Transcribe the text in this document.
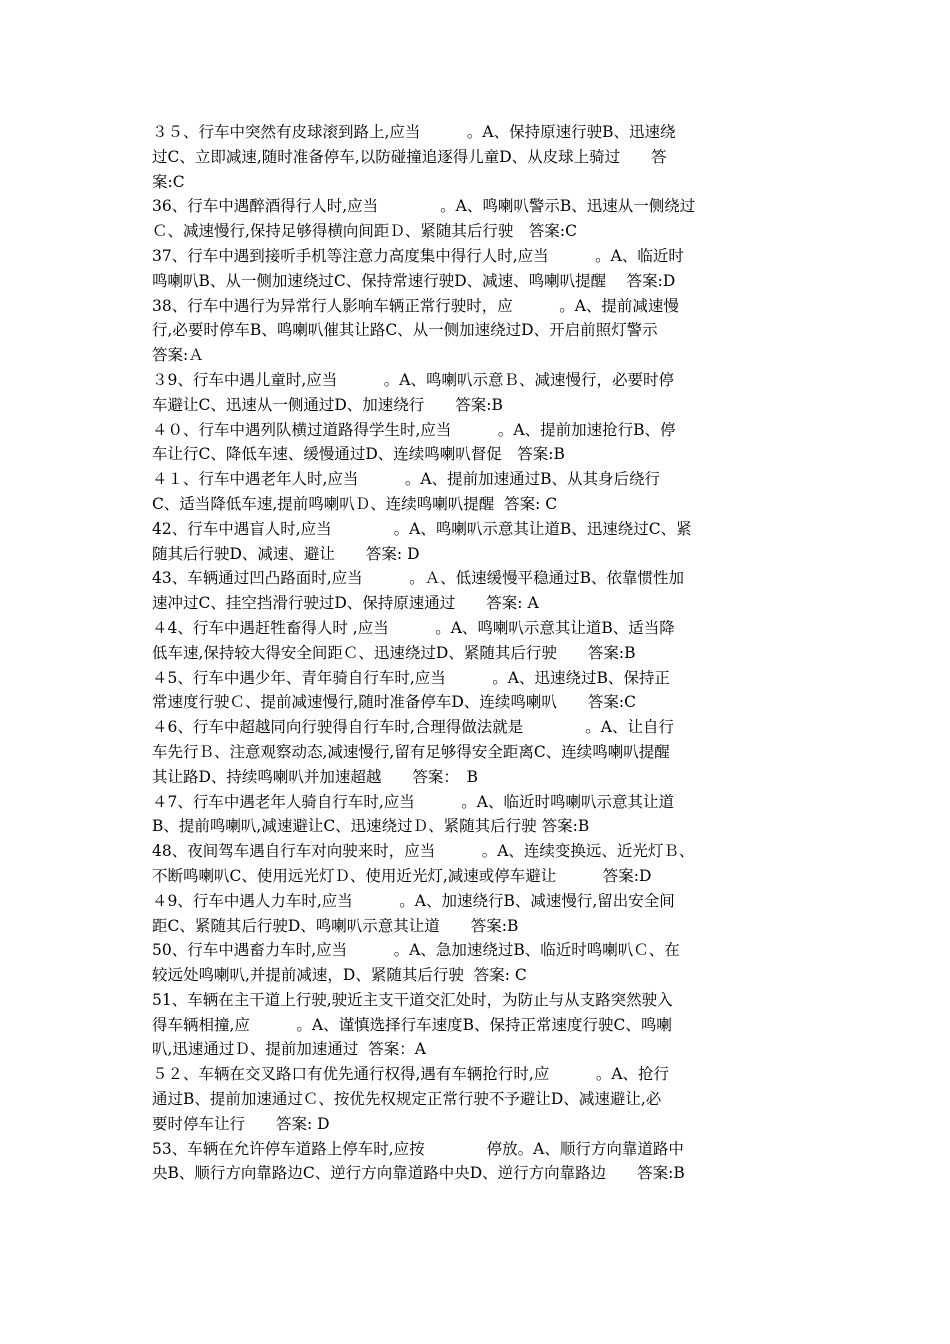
３５、行车中突然有皮球滚到路上,应当　　　。A、保持原速行驶B、迅速绕
过C、立即减速,随时准备停车,以防碰撞追逐得儿童D、从皮球上骑过　　答
案:C
36、行车中遇醉酒得行人时,应当　　　　。A、鸣喇叭警示B、迅速从一侧绕过
Ｃ、减速慢行,保持足够得横向间距Ｄ、紧随其后行驶　答案:C
37、行车中遇到接听手机等注意力高度集中得行人时,应当　　　。A、临近时
鸣喇叭B、从一侧加速绕过C、保持常速行驶D、减速、鸣喇叭提醒　 答案:D
38、行车中遇行为异常行人影响车辆正常行驶时，应　　　。A、提前减速慢
行,必要时停车B、鸣喇叭催其让路C、从一侧加速绕过D、开启前照灯警示
答案:Ａ
３9、行车中遇儿童时,应当　　　。A、鸣喇叭示意Ｂ、减速慢行，必要时停
车避让C、迅速从一侧通过D、加速绕行　　答案:B
４０、行车中遇列队横过道路得学生时,应当　　　。A、提前加速抢行B、停
车让行C、降低车速、缓慢通过D、连续鸣喇叭督促　答案:B
４１、行车中遇老年人时,应当　　　。A、提前加速通过B、从其身后绕行
C、适当降低车速,提前鸣喇叭Ｄ、连续鸣喇叭提醒  答案: C
42、行车中遇盲人时,应当　　　　。A、鸣喇叭示意其让道B、迅速绕过C、紧
随其后行驶D、减速、避让　　答案: D
43、车辆通过凹凸路面时,应当　　　。Ａ、低速缓慢平稳通过B、依靠惯性加
速冲过C、挂空挡滑行驶过D、保持原速通过　　答案: A
４4、行车中遇赶牲畜得人时 ,应当　　　。A、鸣喇叭示意其让道B、适当降
低车速,保持较大得安全间距Ｃ、迅速绕过D、紧随其后行驶　　答案:B
４5、行车中遇少年、青年骑自行车时,应当　　　。A、迅速绕过B、保持正
常速度行驶Ｃ、提前减速慢行,随时准备停车D、连续鸣喇叭　　答案:C
４6、行车中超越同向行驶得自行车时,合理得做法就是　　　　。A、让自行
车先行Ｂ、注意观察动态,减速慢行,留有足够得安全距离C、连续鸣喇叭提醒
其让路D、持续鸣喇叭并加速超越　　答案：　B
４7、行车中遇老年人骑自行车时,应当　　　。A、临近时鸣喇叭示意其让道
B、提前鸣喇叭,减速避让C、迅速绕过Ｄ、紧随其后行驶 答案:B
48、夜间驾车遇自行车对向驶来时，应当　　　。A、连续变换远、近光灯Ｂ、
不断鸣喇叭C、使用远光灯Ｄ、使用近光灯,减速或停车避让　　　答案:D
４9、行车中遇人力车时,应当　　　。A、加速绕行B、减速慢行,留出安全间
距C、紧随其后行驶D、鸣喇叭示意其让道　　答案:B
50、行车中遇畜力车时,应当　　　。A、急加速绕过B、临近时鸣喇叭Ｃ、在
较远处鸣喇叭,并提前减速，D、紧随其后行驶  答案: C
51、车辆在主干道上行驶,驶近主支干道交汇处时，为防止与从支路突然驶入
得车辆相撞,应　　　。A、谨慎选择行车速度B、保持正常速度行驶C、鸣喇
叭,迅速通过Ｄ、提前加速通过  答案：A
５２、车辆在交叉路口有优先通行权得,遇有车辆抢行时,应　　　。A、抢行
通过B、提前加速通过Ｃ、按优先权规定正常行驶不予避让D、减速避让,必
要时停车让行　　答案: D
53、车辆在允许停车道路上停车时,应按　　　　停放。A、顺行方向靠道路中
央B、顺行方向靠路边C、逆行方向靠道路中央D、逆行方向靠路边　　答案:B
